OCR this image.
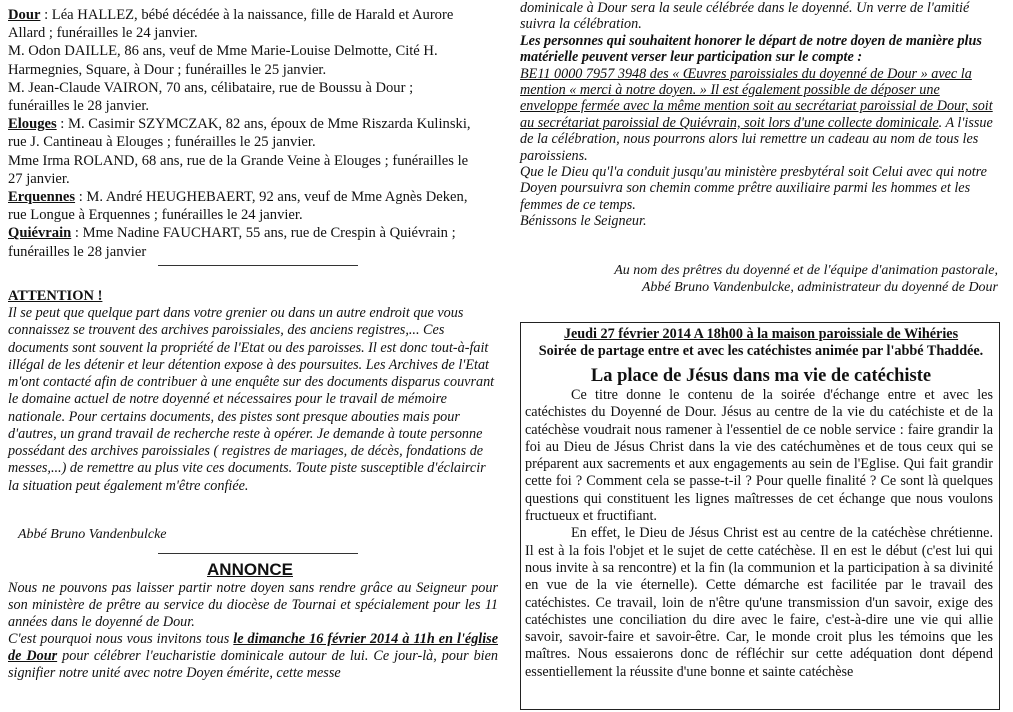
Dour : Léa HALLEZ, bébé décédée à la naissance, fille de Harald et Aurore Allard ; funérailles le 24 janvier.

M. Odon DAILLE, 86 ans, veuf de Mme Marie-Louise Delmotte, Cité H. Harmegnies, Square, à Dour ; funérailles le 25 janvier.

M. Jean-Claude VAIRON, 70 ans, célibataire, rue de Boussu à Dour ; funérailles le 28 janvier.

Elouges : M. Casimir SZYMCZAK, 82 ans, époux de Mme Riszarda Kulinski, rue J. Cantineau à Elouges ; funérailles le 25 janvier.

Mme Irma ROLAND, 68 ans, rue de la Grande Veine à Elouges ; funérailles le 27 janvier.

Erquennes : M. André HEUGHEBAERT, 92 ans, veuf de Mme Agnès Deken, rue Longue à Erquennes ; funérailles le 24 janvier.

Quiévrain : Mme Nadine FAUCHART, 55 ans, rue de Crespin à Quiévrain ; funérailles le 28 janvier

ATTENTION !
Il se peut que quelque part dans votre grenier ou dans un autre endroit que vous connaissez se trouvent des archives paroissiales, des anciens registres,... Ces documents sont souvent la propriété de l'Etat ou des paroisses. Il est donc tout-à-fait illégal de les détenir et leur détention expose à des poursuites. Les Archives de l'Etat m'ont contacté afin de contribuer à une enquête sur des documents disparus couvrant le domaine actuel de notre doyenné et nécessaires pour le travail de mémoire nationale. Pour certains documents, des pistes sont presque abouties mais pour d'autres, un grand travail de recherche reste à opérer. Je demande à toute personne possédant des archives paroissiales ( registres de mariages, de décès, fondations de messes,...) de remettre au plus vite ces documents. Toute piste susceptible d'éclaircir la situation peut également m'être confiée.
Abbé Bruno Vandenbulcke
ANNONCE

Nous ne pouvons pas laisser partir notre doyen sans rendre grâce au Seigneur pour son ministère de prêtre au service du diocèse de Tournai et spécialement pour les 11 années dans le doyenné de Dour.

C'est pourquoi nous vous invitons tous le dimanche 16 février 2014 à 11h en l'église de Dour pour célébrer l'eucharistie dominicale autour de lui. Ce jour-là, pour bien signifier notre unité avec notre Doyen émérite, cette messe

dominicale à Dour sera la seule célébrée dans le doyenné. Un verre de l'amitié suivra la célébration.

Les personnes qui souhaitent honorer le départ de notre doyen de manière plus matérielle peuvent verser leur participation sur le compte :

BE11 0000 7957 3948 des « Œuvres paroissiales du doyenné de Dour » avec la mention « merci à notre doyen. » Il est également possible de déposer une enveloppe fermée avec la même mention soit au secrétariat paroissial de Dour, soit au secrétariat paroissial de Quiévrain, soit lors d'une collecte dominicale. A l'issue de la célébration, nous pourrons alors lui remettre un cadeau au nom de tous les paroissiens.

Que le Dieu qu'l'a conduit jusqu'au ministère presbytéral soit Celui avec qui notre Doyen poursuivra son chemin comme prêtre auxiliaire parmi les hommes et les femmes de ce temps.

Bénissons le Seigneur.

Au nom des prêtres du doyenné et de l'équipe d'animation pastorale,

Abbé Bruno Vandenbulcke, administrateur du doyenné de Dour

Jeudi 27 février 2014 A 18h00 à la maison paroissiale de Wihéries
Soirée de partage entre et avec les catéchistes animée par l'abbé Thaddée.
La place de Jésus dans ma vie de catéchiste

Ce titre donne le contenu de la soirée d'échange entre et avec les catéchistes du Doyenné de Dour. Jésus au centre de la vie du catéchiste et de la catéchèse voudrait nous ramener à l'essentiel de ce noble service : faire grandir la foi au Dieu de Jésus Christ dans la vie des catéchumènes et de tous ceux qui se préparent aux sacrements et aux engagements au sein de l'Eglise. Qui fait grandir cette foi ? Comment cela se passe-t-il ? Pour quelle finalité ? Ce sont là quelques questions qui constituent les lignes maîtresses de cet échange que nous voulons fructueux et fructifiant.

En effet, le Dieu de Jésus Christ est au centre de la catéchèse chrétienne. Il est à la fois l'objet et le sujet de cette catéchèse. Il en est le début (c'est lui qui nous invite à sa rencontre) et la fin (la communion et la participation à sa divinité en vue de la vie éternelle). Cette démarche est facilitée par le travail des catéchistes. Ce travail, loin de n'être qu'une transmission d'un savoir, exige des catéchistes une conciliation du dire avec le faire, c'est-à-dire une vie qui allie savoir, savoir-faire et savoir-être. Car, le monde croit plus les témoins que les maîtres. Nous essaierons donc de réfléchir sur cette adéquation dont dépend essentiellement la réussite d'une bonne et sainte catéchèse
